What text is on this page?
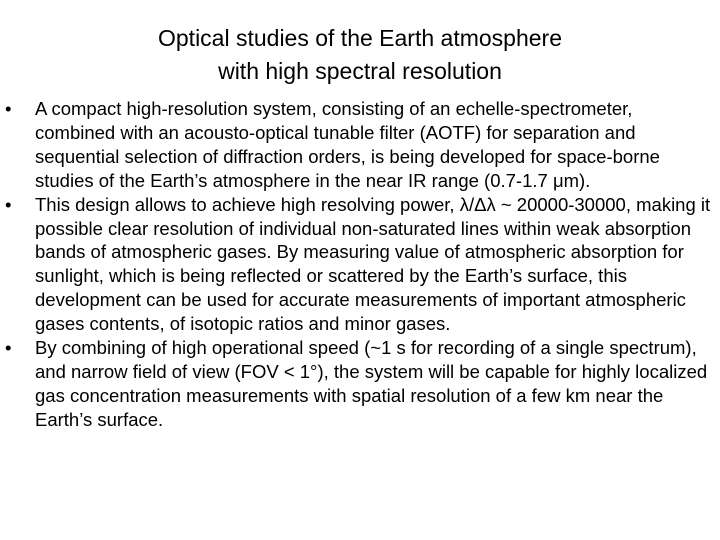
Optical studies of the Earth atmosphere
with high spectral resolution
• A compact high-resolution system, consisting of an echelle-spectrometer, combined with an acousto-optical tunable filter (AOTF) for separation and sequential selection of diffraction orders, is being developed for space-borne studies of the Earth’s atmosphere in the near IR range (0.7-1.7 μm).
• This design allows to achieve high resolving power, λ/Δλ ~ 20000-30000, making it possible clear resolution of individual non-saturated lines within weak absorption bands of atmospheric gases. By measuring value of atmospheric absorption for sunlight, which is being reflected or scattered by the Earth’s surface, this development can be used for accurate measurements of important atmospheric gases contents, of isotopic ratios and minor gases.
• By combining of high operational speed (~1 s for recording of a single spectrum), and narrow field of view (FOV < 1°), the system will be capable for highly localized gas concentration measurements with spatial resolution of a few km near the Earth’s surface.
